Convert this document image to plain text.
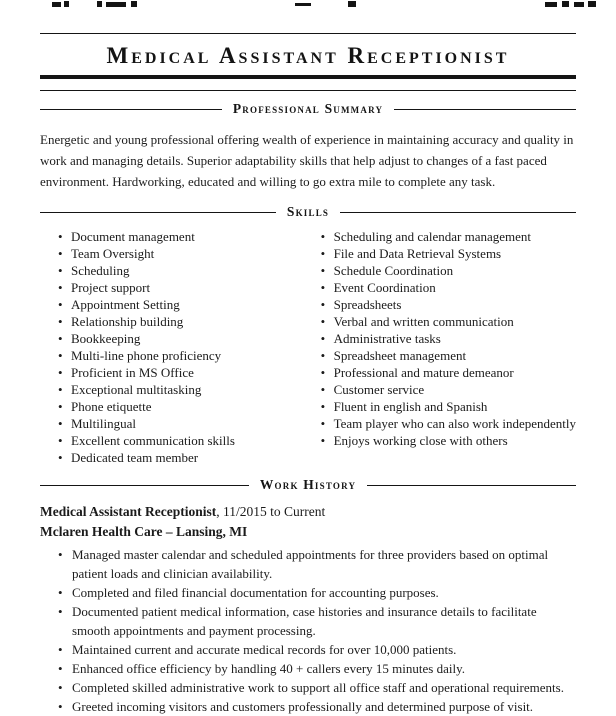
Medical Assistant Receptionist
Professional Summary

Energetic and young professional offering wealth of experience in maintaining accuracy and quality in work and managing details. Superior adaptability skills that help adjust to changes of a fast paced environment. Hardworking, educated and willing to go extra mile to complete any task.

Skills
• Document management
• Team Oversight
• Scheduling
• Project support
• Appointment Setting
• Relationship building
• Bookkeeping
• Multi-line phone proficiency
• Proficient in MS Office
• Exceptional multitasking
• Phone etiquette
• Multilingual
• Excellent communication skills
• Dedicated team member
• Scheduling and calendar management
• File and Data Retrieval Systems
• Schedule Coordination
• Event Coordination
• Spreadsheets
• Verbal and written communication
• Administrative tasks
• Spreadsheet management
• Professional and mature demeanor
• Customer service
• Fluent in english and Spanish
• Team player who can also work independently
• Enjoys working close with others
Work History

Medical Assistant Receptionist, 11/2015 to Current

Mclaren Health Care – Lansing, MI

• Managed master calendar and scheduled appointments for three providers based on optimal patient loads and clinician availability.
• Completed and filed financial documentation for accounting purposes.
• Documented patient medical information, case histories and insurance details to facilitate smooth appointments and payment processing.
• Maintained current and accurate medical records for over 10,000 patients.
• Enhanced office efficiency by handling 40 + callers every 15 minutes daily.
• Completed skilled administrative work to support all office staff and operational requirements.
• Greeted incoming visitors and customers professionally and determined purpose of visit.
